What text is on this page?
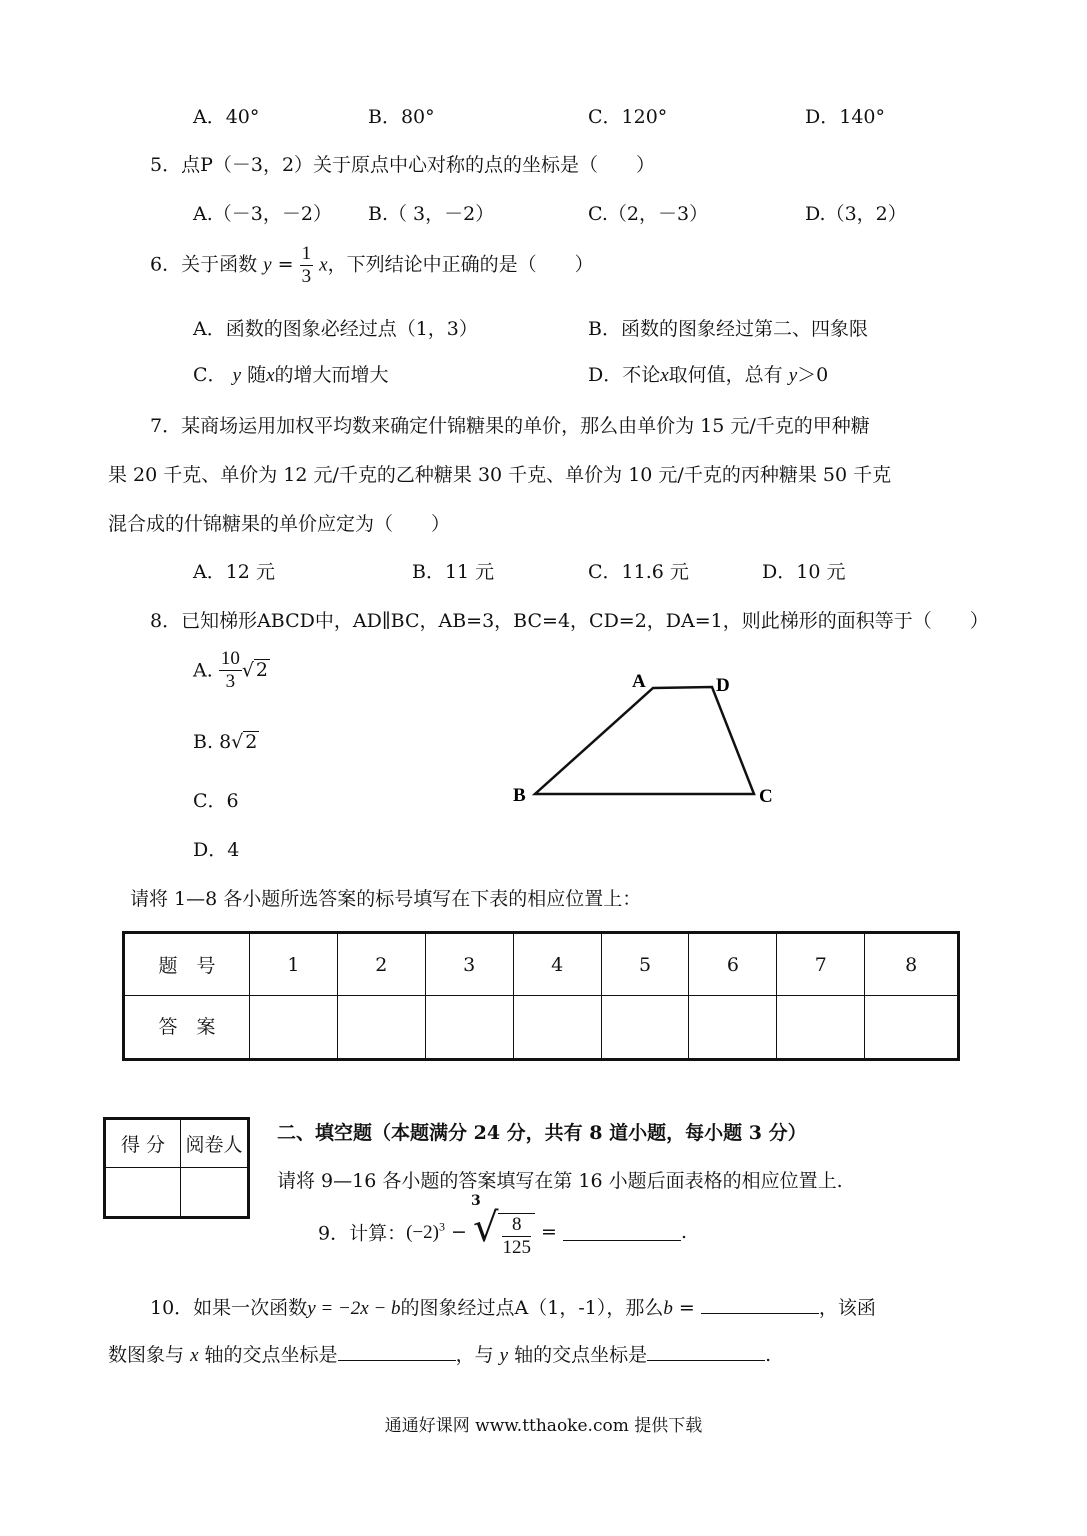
A．40°	B．80°	C．120°	D．140°
5．点P（－3，2）关于原点中心对称的点的坐标是（　　）
A.（－3，－2） B.（ 3，－2）	C.（2，－3）	D.（3，2）
6．关于函数 $y = \frac{1}{3}$ x，下列结论中正确的是（　　）
A．函数的图象必经过点（1，3）	B．函数的图象经过第二、四象限
C． y 随x的增大而增大	D．不论x取何值，总有 y＞0
7．某商场运用加权平均数来确定什锦糖果的单价，那么由单价为 15 元/千克的甲种糖
果 20 千克、单价为 12 元/千克的乙种糖果 30 千克、单价为 10 元/千克的丙种糖果 50 千克
混合成的什锦糖果的单价应定为（　　）
A．12 元	B．11 元	C．11.6 元	D．10 元
8．已知梯形ABCD中，AD∥BC，AB=3，BC=4，CD=2，DA=1，则此梯形的面积等于（　　）
A. $\frac{10}{3}$ √ 2
B. 8√ 2
C．6
D．4
A	D
B	C
请将 1—8 各小题所选答案的标号填写在下表的相应位置上：
题　号	1	2	3	4	5	6	7	8
答　案								
得 分	阅卷人

二、填空题（本题满分 24 分，共有 8 道小题，每小题 3 分）
请将 9—16 各小题的答案填写在第 16 小题后面表格的相应位置上.
9．计算：$(-2)^3$ −
3
√ $\frac{8}{125}$ =	.
10．如果一次函数y = −2x − b的图象经过点A（1，-1），那么b =	，该函
数图象与 x 轴的交点坐标是	，与 y 轴的交点坐标是	.
通通好课网 www.tthaoke.com 提供下载
